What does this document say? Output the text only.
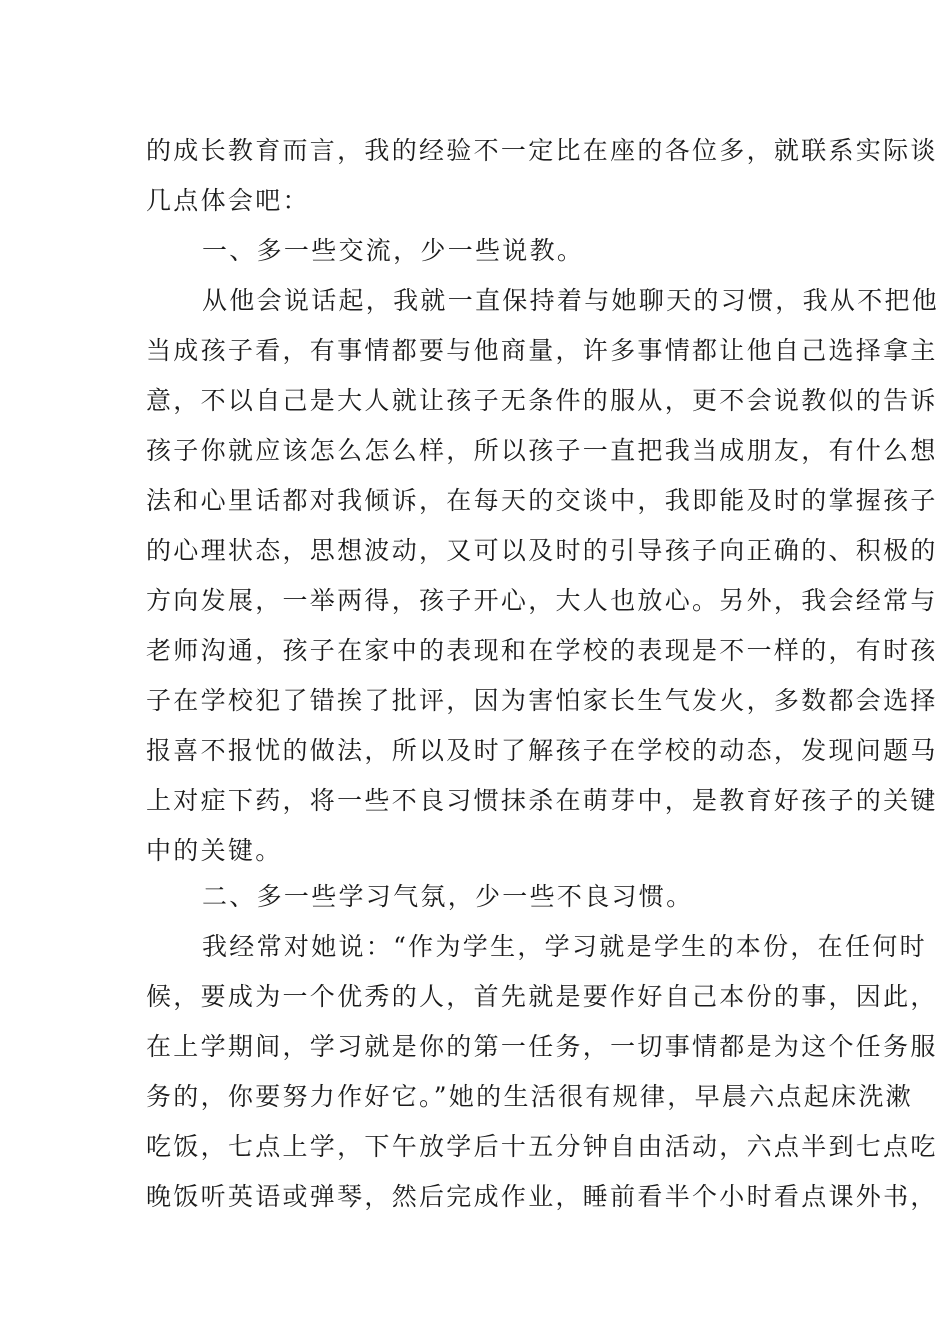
的成长教育而言，我的经验不一定比在座的各位多，就联系实际谈
几点体会吧：
一、多一些交流，少一些说教。
从他会说话起，我就一直保持着与她聊天的习惯，我从不把他
当成孩子看，有事情都要与他商量，许多事情都让他自己选择拿主
意，不以自己是大人就让孩子无条件的服从，更不会说教似的告诉
孩子你就应该怎么怎么样，所以孩子一直把我当成朋友，有什么想
法和心里话都对我倾诉，在每天的交谈中，我即能及时的掌握孩子
的心理状态，思想波动，又可以及时的引导孩子向正确的、积极的
方向发展，一举两得，孩子开心，大人也放心。另外，我会经常与
老师沟通，孩子在家中的表现和在学校的表现是不一样的，有时孩
子在学校犯了错挨了批评，因为害怕家长生气发火，多数都会选择
报喜不报忧的做法，所以及时了解孩子在学校的动态，发现问题马
上对症下药，将一些不良习惯抹杀在萌芽中，是教育好孩子的关键
中的关键。
二、多一些学习气氛，少一些不良习惯。
我经常对她说：“作为学生，学习就是学生的本份，在任何时
候，要成为一个优秀的人，首先就是要作好自己本份的事，因此，
在上学期间，学习就是你的第一任务，一切事情都是为这个任务服
务的，你要努力作好它。”她的生活很有规律，早晨六点起床洗漱
吃饭，七点上学，下午放学后十五分钟自由活动，六点半到七点吃
晚饭听英语或弹琴，然后完成作业，睡前看半个小时看点课外书，
